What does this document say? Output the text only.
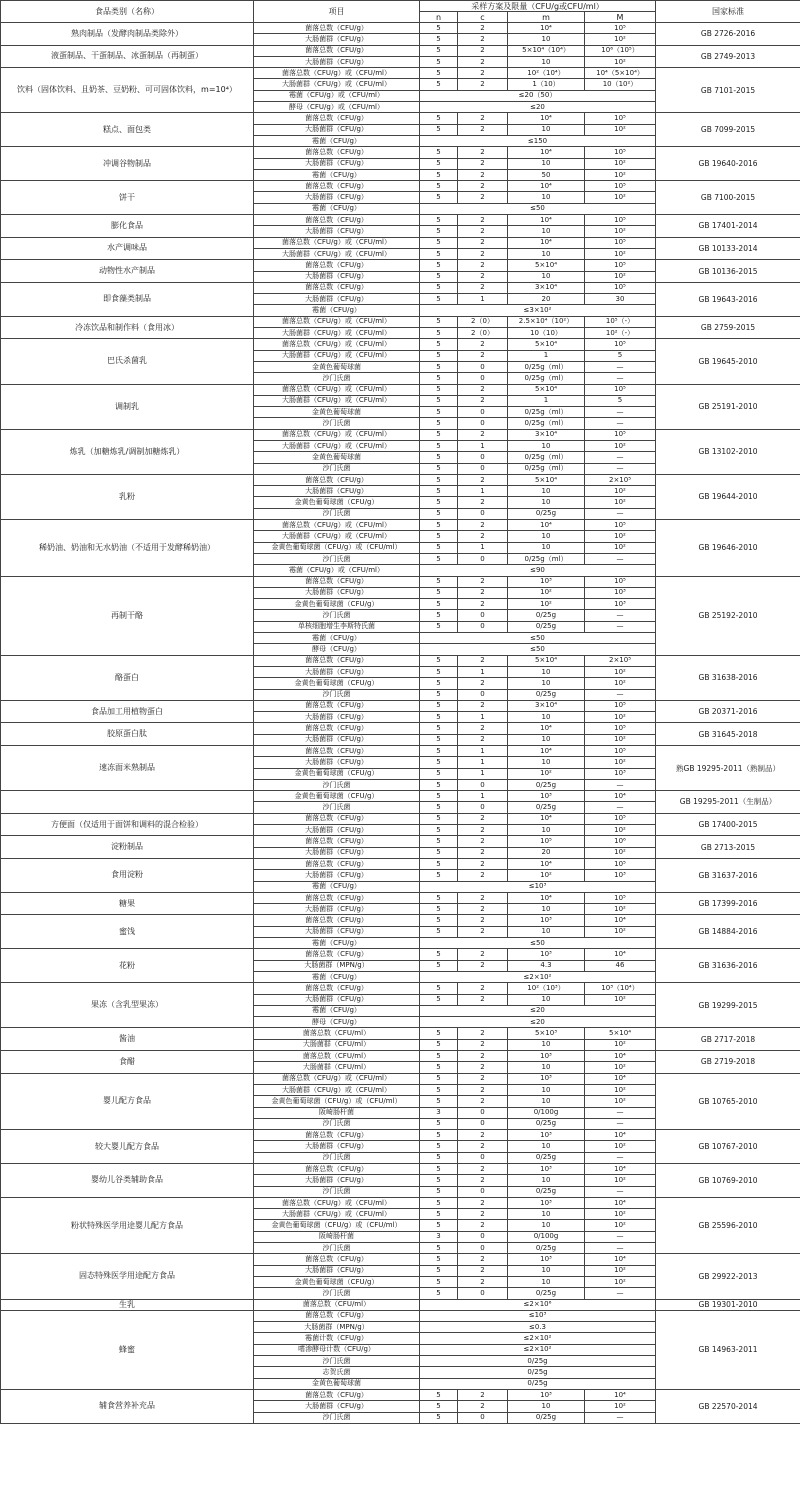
食品类别（名称）	项目	采样方案及限量（CFU/g或CFU/ml）				国家标准
		n	c	m	M	
熟肉制品（发酵肉制品类除外）	菌落总数（CFU/g）	5	2	10⁴	10⁵	GB 2726-2016
	大肠菌群（CFU/g）	5	2	10	10²	
液蛋制品、干蛋制品、冰蛋制品（再制蛋）	菌落总数（CFU/g）	5	2	5×10⁴（10⁴）	10⁶（10⁵）	GB 2749-2013
	大肠菌群（CFU/g）	5	2	10	10²	
饮料（固体饮料、且奶茶、豆奶粉、可可固体饮料，m=10⁴）	菌落总数（CFU/g）或（CFU/ml）	5	2	10²（10⁴）	10⁴（5×10⁴）	GB 7101-2015
	大肠菌群（CFU/g）或（CFU/ml）	5	2	1（10）	10（10²）	
	霉菌（CFU/g）或（CFU/ml）	≤20（50）				
	酵母（CFU/g）或（CFU/ml）	≤20				
糕点、面包类	菌落总数（CFU/g）	5	2	10⁴	10⁵	GB 7099-2015
	大肠菌群（CFU/g）	5	2	10	10²	
	霉菌（CFU/g）	≤150				
冲调谷物制品	菌落总数（CFU/g）	5	2	10⁴	10⁵	GB 19640-2016
	大肠菌群（CFU/g）	5	2	10	10²	
	霉菌（CFU/g）	5	2	50	10²	
饼干	菌落总数（CFU/g）	5	2	10⁴	10⁵	GB 7100-2015
	大肠菌群（CFU/g）	5	2	10	10²	
	霉菌（CFU/g）	≤50				
膨化食品	菌落总数（CFU/g）	5	2	10⁴	10⁵	GB 17401-2014
	大肠菌群（CFU/g）	5	2	10	10²	
水产调味品	菌落总数（CFU/g）或（CFU/ml）	5	2	10⁴	10⁵	GB 10133-2014
	大肠菌群（CFU/g）或（CFU/ml）	5	2	10	10²	
动物性水产制品	菌落总数（CFU/g）	5	2	5×10⁴	10⁵	GB 10136-2015
	大肠菌群（CFU/g）	5	2	10	10²	
即食藻类制品	菌落总数（CFU/g）	5	2	3×10⁴	10⁵	GB 19643-2016
	大肠菌群（CFU/g）	5	1	20	30	
	霉菌（CFU/g）	≤3×10²				
冷冻饮品和制作料（食用冰）	菌落总数（CFU/g）或（CFU/ml）	5	2（0）	2.5×10⁴（10²）	10⁵（-）	GB 2759-2015
	大肠菌群（CFU/g）或（CFU/ml）	5	2（0）	10（10）	10²（-）	
巴氏杀菌乳	菌落总数（CFU/g）或（CFU/ml）	5	2	5×10⁴	10⁵	GB 19645-2010
	大肠菌群（CFU/g）或（CFU/ml）	5	2	1	5	
	金黄色葡萄球菌	5	0	0/25g（ml）	—	
	沙门氏菌	5	0	0/25g（ml）	—	
调制乳	菌落总数（CFU/g）或（CFU/ml）	5	2	5×10⁴	10⁵	GB 25191-2010
	大肠菌群（CFU/g）或（CFU/ml）	5	2	1	5	
	金黄色葡萄球菌	5	0	0/25g（ml）	—	
	沙门氏菌	5	0	0/25g（ml）	—	
炼乳（加糖炼乳/调制加糖炼乳）	菌落总数（CFU/g）或（CFU/ml）	5	2	3×10⁴	10⁵	GB 13102-2010
	大肠菌群（CFU/g）或（CFU/ml）	5	1	10	10²	
	金黄色葡萄球菌	5	0	0/25g（ml）	—	
	沙门氏菌	5	0	0/25g（ml）	—	
乳粉	菌落总数（CFU/g）	5	2	5×10⁴	2×10⁵	GB 19644-2010
	大肠菌群（CFU/g）	5	1	10	10²	
	金黄色葡萄球菌（CFU/g）	5	2	10	10²	
	沙门氏菌	5	0	0/25g	—	
稀奶油、奶油和无水奶油（不适用于发酵稀奶油）	菌落总数（CFU/g）或（CFU/ml）	5	2	10⁴	10⁵	GB 19646-2010
	大肠菌群（CFU/g）或（CFU/ml）	5	2	10	10²	
	金黄色葡萄球菌（CFU/g）或（CFU/ml）	5	1	10	10²	
	沙门氏菌	5	0	0/25g（ml）	—	
	霉菌（CFU/g）或（CFU/ml）	≤90				
再制干酪	菌落总数（CFU/g）	5	2	10³	10⁵	GB 25192-2010
	大肠菌群（CFU/g）	5	2	10²	10³	
	金黄色葡萄球菌（CFU/g）	5	2	10²	10³	
	沙门氏菌	5	0	0/25g	—	
	单核细胞增生李斯特氏菌	5	0	0/25g	—	
	霉菌（CFU/g）	≤50				
	酵母（CFU/g）	≤50				
酪蛋白	菌落总数（CFU/g）	5	2	5×10⁴	2×10⁵	GB 31638-2016
	大肠菌群（CFU/g）	5	1	10	10²	
	金黄色葡萄球菌（CFU/g）	5	2	10	10²	
	沙门氏菌	5	0	0/25g	—	
食品加工用植物蛋白	菌落总数（CFU/g）	5	2	3×10⁴	10⁵	GB 20371-2016
	大肠菌群（CFU/g）	5	1	10	10²	
胶原蛋白肽	菌落总数（CFU/g）	5	2	10⁴	10⁵	GB 31645-2018
	大肠菌群（CFU/g）	5	2	10	10²	
速冻面米熟制品	菌落总数（CFU/g）	5	1	10⁴	10⁵	熟GB 19295-2011（熟制品）
	大肠菌群（CFU/g）	5	1	10	10²	
	金黄色葡萄球菌（CFU/g）	5	1	10²	10³	
	沙门氏菌	5	0	0/25g	—	
	金黄色葡萄球菌（CFU/g）	5	1	10³	10⁴	GB 19295-2011（生制品）
	沙门氏菌	5	0	0/25g	—	
方便面（仅适用于面饼和调料的混合检验）	菌落总数（CFU/g）	5	2	10⁴	10⁵	GB 17400-2015
	大肠菌群（CFU/g）	5	2	10	10²	
淀粉制品	菌落总数（CFU/g）	5	2	10⁵	10⁶	GB 2713-2015
	大肠菌群（CFU/g）	5	2	20	10²	
食用淀粉	菌落总数（CFU/g）	5	2	10⁴	10⁵	GB 31637-2016
	大肠菌群（CFU/g）	5	2	10²	10³	
	霉菌（CFU/g）	≤10³				
糖果	菌落总数（CFU/g）	5	2	10⁴	10⁵	GB 17399-2016
	大肠菌群（CFU/g）	5	2	10	10²	
蜜饯	菌落总数（CFU/g）	5	2	10³	10⁴	GB 14884-2016
	大肠菌群（CFU/g）	5	2	10	10²	
	霉菌（CFU/g）	≤50				
花粉	菌落总数（CFU/g）	5	2	10³	10⁴	GB 31636-2016
	大肠菌群（MPN/g）	5	2	4.3	46	
	霉菌（CFU/g）	≤2×10²				
果冻（含乳型果冻）	菌落总数（CFU/g）	5	2	10²（10³）	10³（10⁴）	GB 19299-2015
	大肠菌群（CFU/g）	5	2	10	10²	
	霉菌（CFU/g）	≤20				
	酵母（CFU/g）	≤20				
酱油	菌落总数（CFU/ml）	5	2	5×10³	5×10⁴	GB 2717-2018
	大肠菌群（CFU/ml）	5	2	10	10²	
食醋	菌落总数（CFU/ml）	5	2	10³	10⁴	GB 2719-2018
	大肠菌群（CFU/ml）	5	2	10	10²	
婴儿配方食品	菌落总数（CFU/g）或（CFU/ml）	5	2	10³	10⁴	GB 10765-2010
	大肠菌群（CFU/g）或（CFU/ml）	5	2	10	10²	
	金黄色葡萄球菌（CFU/g）或（CFU/ml）	5	2	10	10²	
	阪崎肠杆菌	3	0	0/100g	—	
	沙门氏菌	5	0	0/25g	—	
较大婴儿配方食品	菌落总数（CFU/g）	5	2	10³	10⁴	GB 10767-2010
	大肠菌群（CFU/g）	5	2	10	10²	
	沙门氏菌	5	0	0/25g	—	
婴幼儿谷类辅助食品	菌落总数（CFU/g）	5	2	10³	10⁴	GB 10769-2010
	大肠菌群（CFU/g）	5	2	10	10²	
	沙门氏菌	5	0	0/25g	—	
粉状特殊医学用途婴儿配方食品	菌落总数（CFU/g）或（CFU/ml）	5	2	10³	10⁴	GB 25596-2010
	大肠菌群（CFU/g）或（CFU/ml）	5	2	10	10²	
	金黄色葡萄球菌（CFU/g）或（CFU/ml）	5	2	10	10²	
	阪崎肠杆菌	3	0	0/100g	—	
	沙门氏菌	5	0	0/25g	—	
固态特殊医学用途配方食品	菌落总数（CFU/g）	5	2	10³	10⁴	GB 29922-2013
	大肠菌群（CFU/g）	5	2	10	10²	
	金黄色葡萄球菌（CFU/g）	5	2	10	10²	
	沙门氏菌	5	0	0/25g	—	
生乳	菌落总数（CFU/ml）	≤2×10⁶				GB 19301-2010
蜂蜜	菌落总数（CFU/g）	≤10³				GB 14963-2011
	大肠菌群（MPN/g）	≤0.3				
	霉菌计数（CFU/g）	≤2×10²				
	嗜渗酵母计数（CFU/g）	≤2×10²				
	沙门氏菌	0/25g				
	志贺氏菌	0/25g				
	金黄色葡萄球菌	0/25g				
辅食营养补充品	菌落总数（CFU/g）	5	2	10³	10⁴	GB 22570-2014
	大肠菌群（CFU/g）	5	2	10	10²	
	沙门氏菌	5	0	0/25g	—	
